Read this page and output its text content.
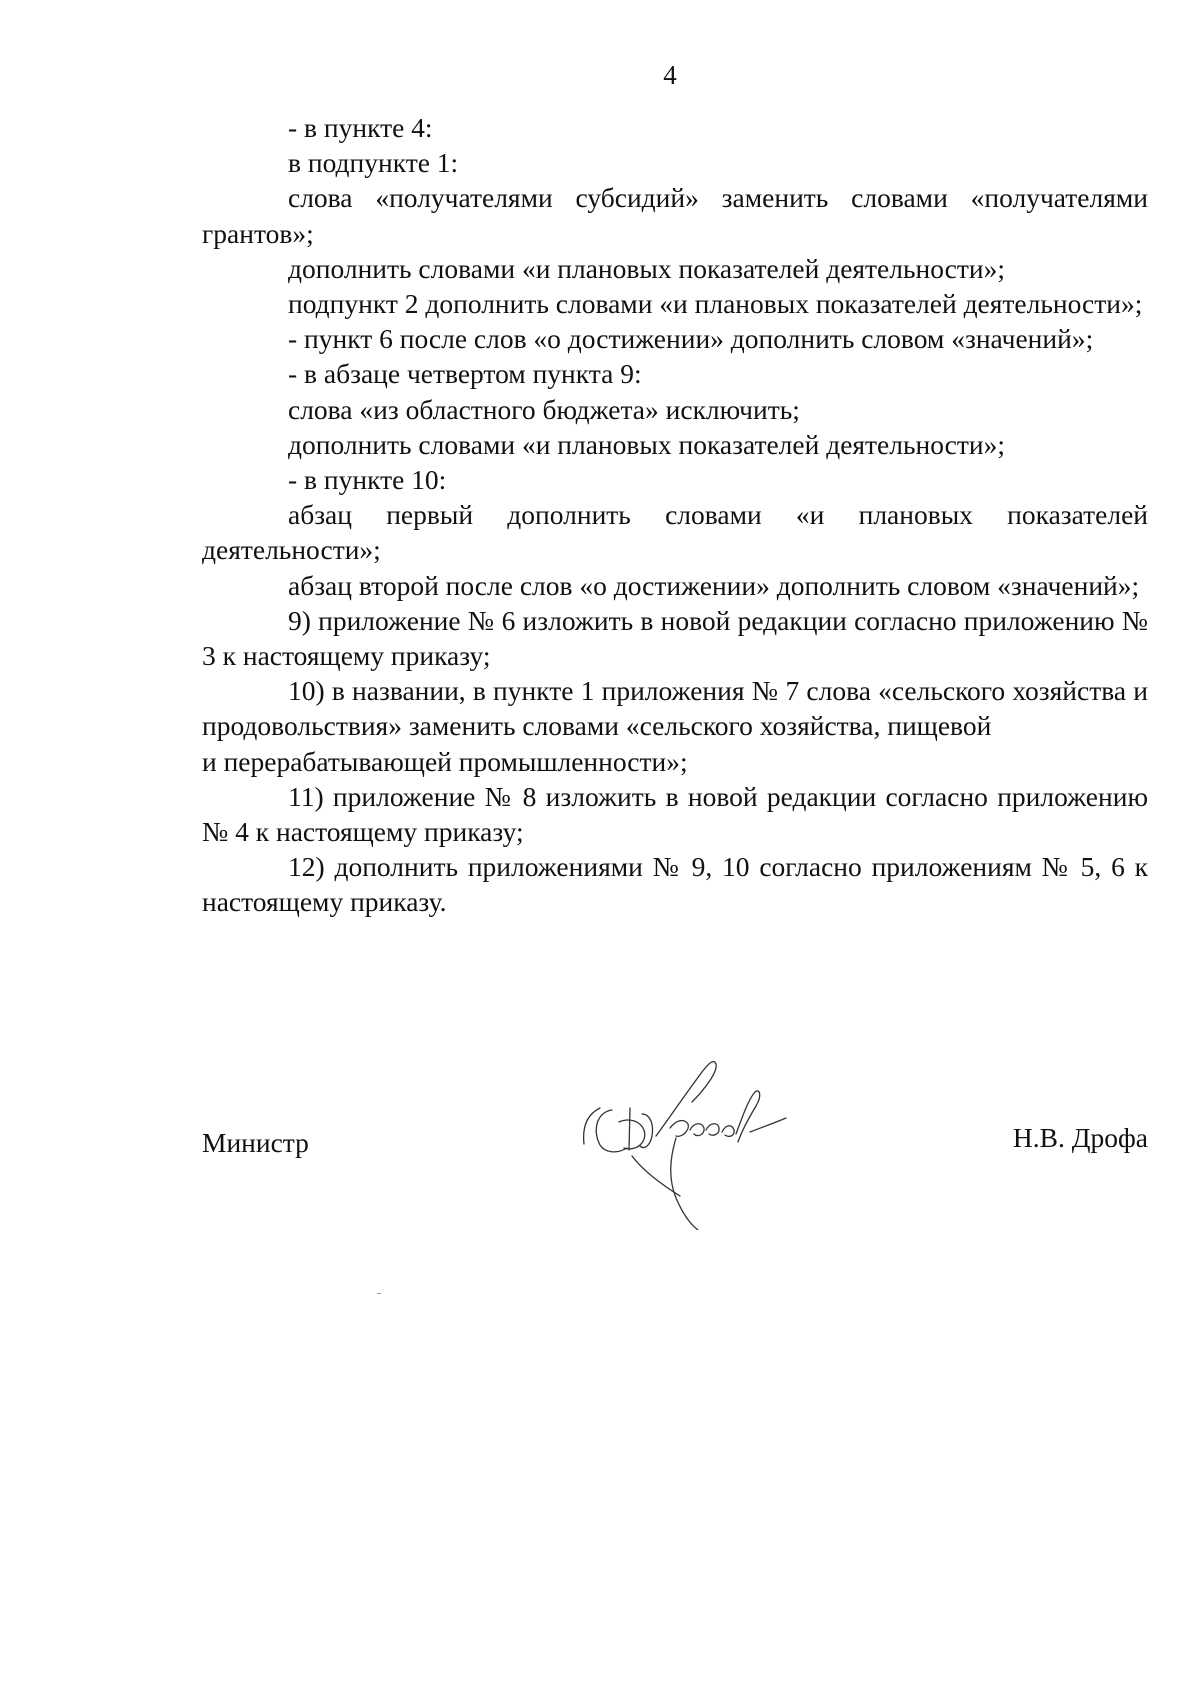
4

- в пункте 4:

в подпункте 1:

слова «получателями субсидий» заменить словами «получателями грантов»;

дополнить словами «и плановых показателей деятельности»;

подпункт 2 дополнить словами «и плановых показателей деятельности»;

- пункт 6 после слов «о достижении» дополнить словом «значений»;

- в абзаце четвертом пункта 9:

слова «из областного бюджета» исключить;

дополнить словами «и плановых показателей деятельности»;

- в пункте 10:

абзац первый дополнить словами «и плановых показателей деятельности»;

абзац второй после слов «о достижении» дополнить словом «значений»;

9) приложение № 6 изложить в новой редакции согласно приложению № 3 к настоящему приказу;

10) в названии, в пункте 1 приложения № 7 слова «сельского хозяйства и продовольствия» заменить словами «сельского хозяйства, пищевой

и перерабатывающей промышленности»;

11) приложение № 8 изложить в новой редакции согласно приложению № 4 к настоящему приказу;

12) дополнить приложениями № 9, 10 согласно приложениям № 5, 6 к настоящему приказу.

Министр	Н.В. Дрофа
